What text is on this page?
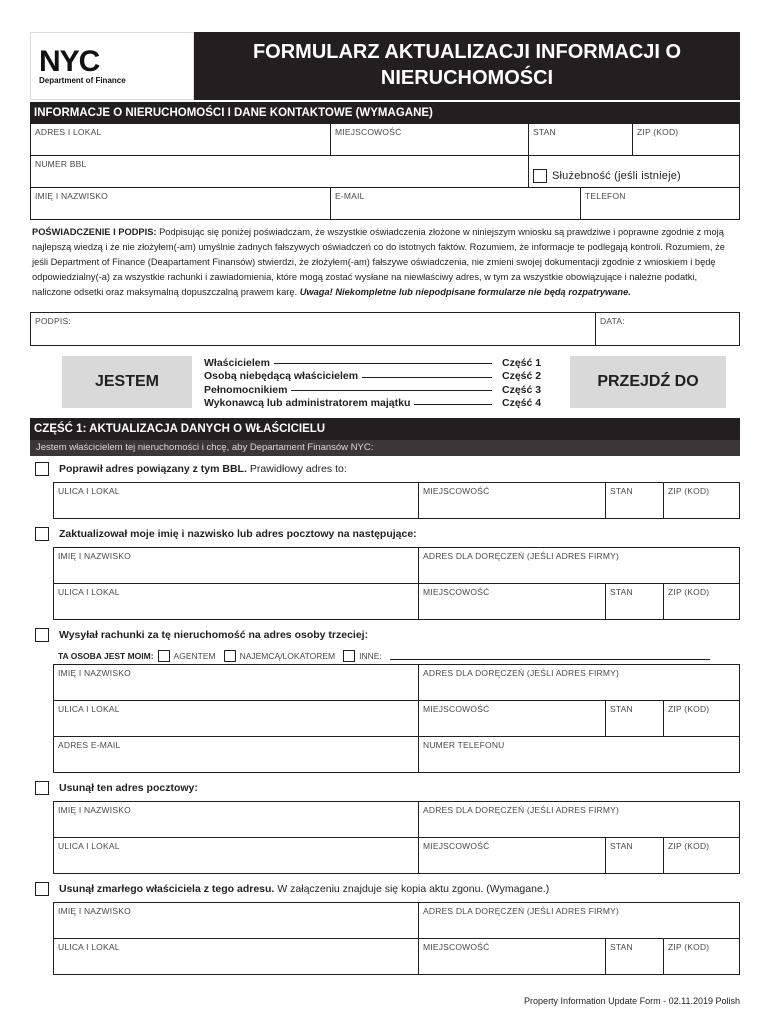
NYC
Department of Finance
FORMULARZ AKTUALIZACJI INFORMACJI O
NIERUCHOMOŚCI
INFORMACJE O NIERUCHOMOŚCI I DANE KONTAKTOWE (WYMAGANE)
ADRES I LOKAL	MIEJSCOWOŚĆ	STAN	ZIP (KOD)
NUMER BBL
Służebność (jeśli istnieje)
IMIĘ I NAZWISKO	E-MAIL	TELEFON
POŚWIADCZENIE I PODPIS: Podpisując się poniżej poświadczam, że wszystkie oświadczenia złożone w niniejszym wniosku są prawdziwe i poprawne zgodnie z moją najlepszą wiedzą i że nie złożyłem(-am) umyślnie żadnych fałszywych oświadczeń co do istotnych faktów. Rozumiem, że informacje te podlegają kontroli. Rozumiem, że jeśli Department of Finance (Deapartament Finansów) stwierdzi, że złożyłem(-am) fałszywe oświadczenia, nie zmieni swojej dokumentacji zgodnie z wnioskiem i będę odpowiedzialny(-a) za wszystkie rachunki i zawiadomienia, które mogą zostać wysłane na niewłaściwy adres, w tym za wszystkie obowiązujące i należne podatki, naliczone odsetki oraz maksymalną dopuszczalną prawem karę. Uwaga! Niekompletne lub niepodpisane formularze nie będą rozpatrywane.
PODPIS:	DATA:
JESTEM
Właścicielem	Część 1
Osobą niebędącą właścicielem	Część 2
Pełnomocnikiem	Część 3
Wykonawcą lub administratorem majątku	Część 4
PRZEJDŹ DO
CZĘŚĆ 1: AKTUALIZACJA DANYCH O WŁAŚCICIELU
Jestem właścicielem tej nieruchomości i chcę, aby Departament Finansów NYC:
Poprawił adres powiązany z tym BBL. Prawidłowy adres to:
ULICA I LOKAL	MIEJSCOWOŚĆ	STAN	ZIP (KOD)
Zaktualizował moje imię i nazwisko lub adres pocztowy na następujące:
IMIĘ I NAZWISKO	ADRES DLA DORĘCZEŃ (JEŚLI ADRES FIRMY)
ULICA I LOKAL	MIEJSCOWOŚĆ	STAN	ZIP (KOD)
Wysyłał rachunki za tę nieruchomość na adres osoby trzeciej:
TA OSOBA JEST MOIM: AGENTEM	NAJEMCĄ/LOKATOREM	INNE:
IMIĘ I NAZWISKO	ADRES DLA DORĘCZEŃ (JEŚLI ADRES FIRMY)
ULICA I LOKAL	MIEJSCOWOŚĆ	STAN	ZIP (KOD)
ADRES E-MAIL	NUMER TELEFONU
Usunął ten adres pocztowy:
IMIĘ I NAZWISKO	ADRES DLA DORĘCZEŃ (JEŚLI ADRES FIRMY)
ULICA I LOKAL	MIEJSCOWOŚĆ	STAN	ZIP (KOD)
Usunął zmarłego właściciela z tego adresu. W załączeniu znajduje się kopia aktu zgonu. (Wymagane.)
IMIĘ I NAZWISKO	ADRES DLA DORĘCZEŃ (JEŚLI ADRES FIRMY)
ULICA I LOKAL	MIEJSCOWOŚĆ	STAN	ZIP (KOD)
Property Information Update Form - 02.11.2019 Polish
